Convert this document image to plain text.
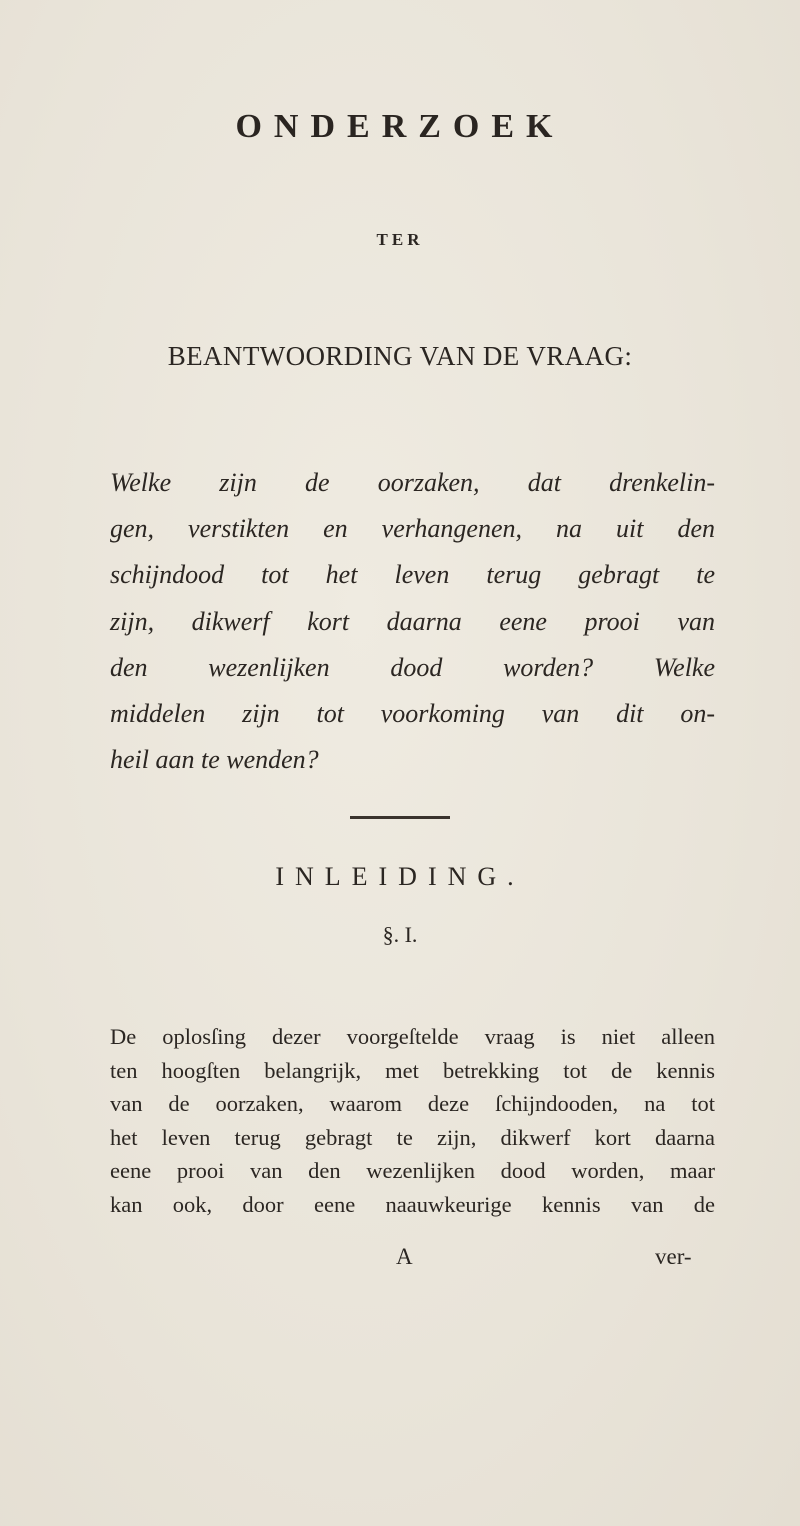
ONDERZOEK
TER
BEANTWOORDING VAN DE VRAAG:
Welke zijn de oorzaken, dat drenkelin-
gen, verstikten en verhangenen, na uit den
schijndood tot het leven terug gebragt te
zijn, dikwerf kort daarna eene prooi van
den wezenlijken dood worden? Welke
middelen zijn tot voorkoming van dit on-
heil aan te wenden?
INLEIDING.
§. I.
De oplosſing dezer voorgeſtelde vraag is niet alleen
ten hoogſten belangrijk, met betrekking tot de kennis
van de oorzaken, waarom deze ſchijndooden, na tot
het leven terug gebragt te zijn, dikwerf kort daarna
eene prooi van den wezenlijken dood worden, maar
kan ook, door eene naauwkeurige kennis van de
A	ver-
